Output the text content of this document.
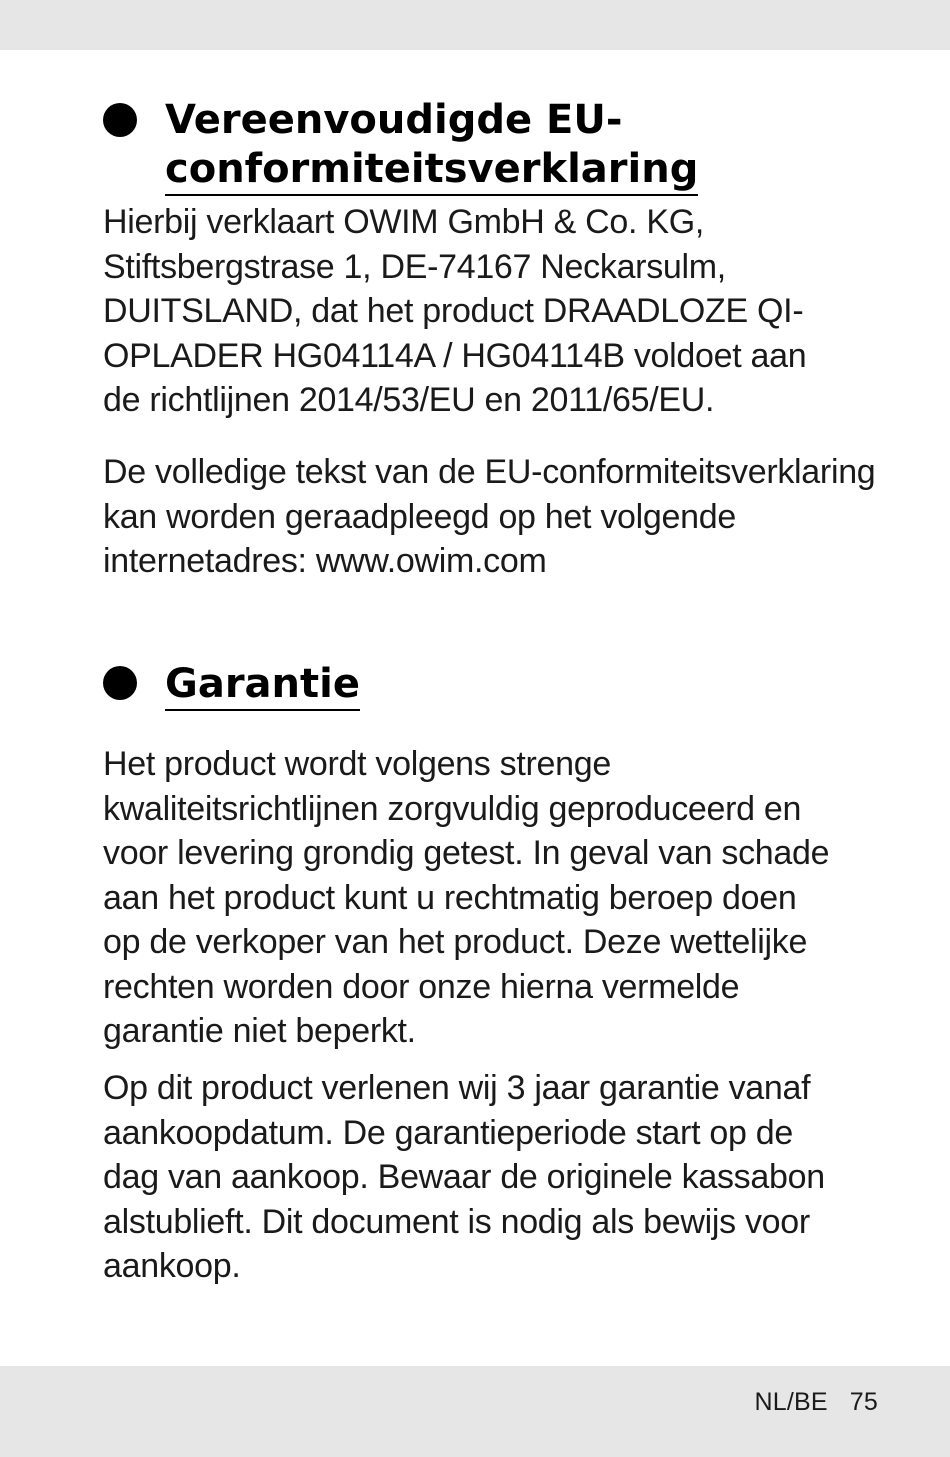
Vereenvoudigde EU-
conformiteitsverklaring

Hierbij verklaart OWIM GmbH & Co. KG,
Stiftsbergstrase 1, DE-74167 Neckarsulm,
DUITSLAND, dat het product DRAADLOZE QI-
OPLADER HG04114A / HG04114B voldoet aan
de richtlijnen 2014/53/EU en 2011/65/EU.

De volledige tekst van de EU-conformiteitsverklaring
kan worden geraadpleegd op het volgende
internetadres: www.owim.com

Garantie

Het product wordt volgens strenge
kwaliteitsrichtlijnen zorgvuldig geproduceerd en
voor levering grondig getest. In geval van schade
aan het product kunt u rechtmatig beroep doen
op de verkoper van het product. Deze wettelijke
rechten worden door onze hierna vermelde
garantie niet beperkt.

Op dit product verlenen wij 3 jaar garantie vanaf
aankoopdatum. De garantieperiode start op de
dag van aankoop. Bewaar de originele kassabon
alstublieft. Dit document is nodig als bewijs voor
aankoop.

NL/BE 75
